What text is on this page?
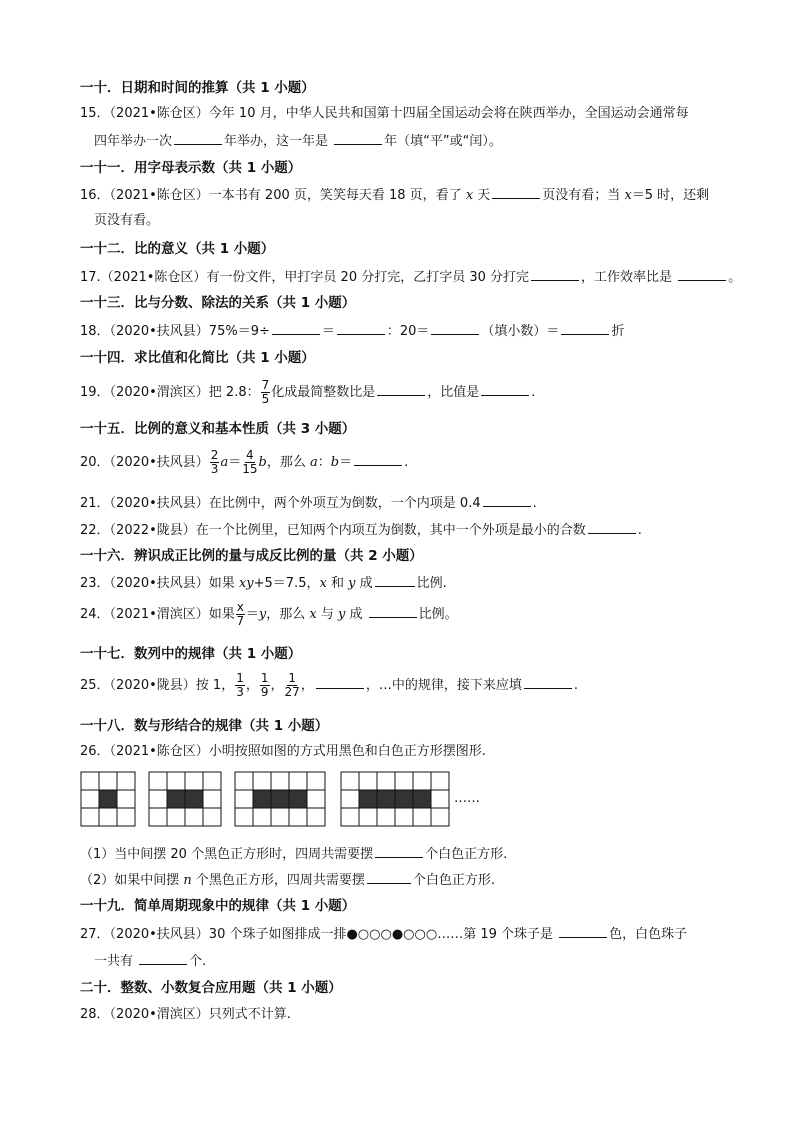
一十．日期和时间的推算（共 1 小题）
15．（2021•陈仓区）今年 10 月，中华人民共和国第十四届全国运动会将在陕西举办，全国运动会通常每
四年举办一次	年举办，这一年是	年（填“平”或“闰）。
一十一．用字母表示数（共 1 小题）
16．（2021•陈仓区）一本书有 200 页，笑笑每天看 18 页，看了 x 天	页没有看；当 x＝5 时，还剩
页没有看。
一十二．比的意义（共 1 小题）
17.（2021•陈仓区）有一份文件，甲打字员 20 分打完，乙打字员 30 分打完	，工作效率比是	。
一十三．比与分数、除法的关系（共 1 小题）
18．（2020•扶风县）75%＝9÷	＝	：20＝	（填小数）＝	折
一十四．求比值和化简比（共 1 小题）
19．（2020•渭滨区）把 2.8： $\frac{7}{5}$ 化成最简整数比是	，比值是	.
一十五．比例的意义和基本性质（共 3 小题）
20．（2020•扶风县） $\frac{2}{3} a= \frac{4}{15}$ b，那么 a：b＝	.
21．（2020•扶风县）在比例中，两个外项互为倒数，一个内项是 0.4	.
22．（2022•陇县）在一个比例里，已知两个内项互为倒数，其中一个外项是最小的合数	.
一十六．辨识成正比例的量与成反比例的量（共 2 小题）
23．（2020•扶风县）如果 xy+5＝7.5，x 和 y 成	比例.
24．（2021•渭滨区）如果 $\frac{x}{7} =y$，那么 x 与 y 成	比例。
一十七．数列中的规律（共 1 小题）
25．（2020•陇县）按 1， $\frac{1}{3}$ ， $\frac{1}{9}$ ， $\frac{1}{27}$ ，	，…中的规律，接下来应填	.
一十八．数与形结合的规律（共 1 小题）
26．（2021•陈仓区）小明按照如图的方式用黑色和白色正方形摆图形.
……
（1）当中间摆 20 个黑色正方形时，四周共需要摆	个白色正方形.
（2）如果中间摆 n 个黑色正方形，四周共需要摆	个白色正方形.
一十九．简单周期现象中的规律（共 1 小题）
27．（2020•扶风县）30 个珠子如图排成一排●○○○●○○○……第 19 个珠子是	色，白色珠子
一共有	个.
二十．整数、小数复合应用题（共 1 小题）
28．（2020•渭滨区）只列式不计算.
